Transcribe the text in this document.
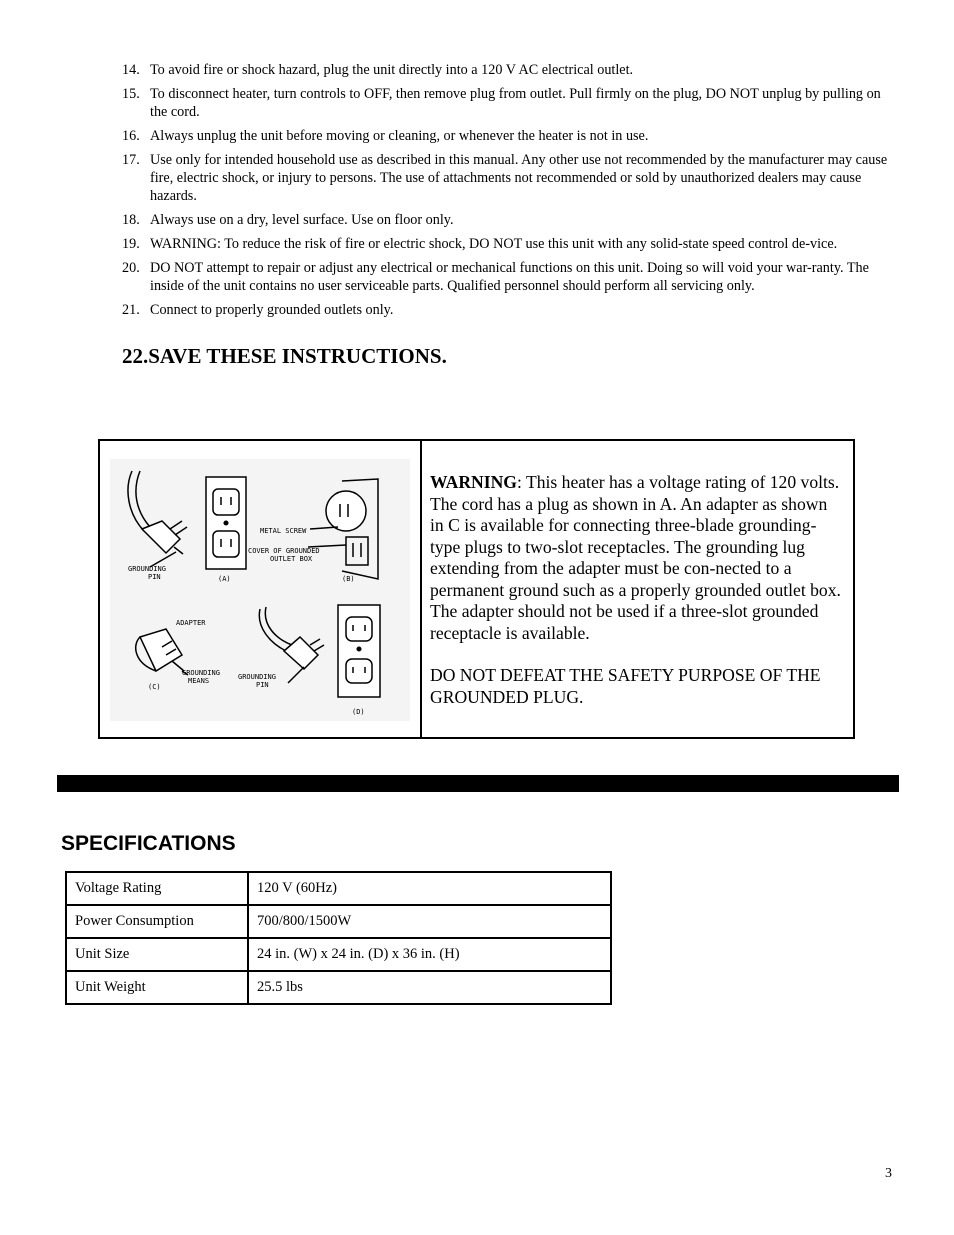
14. To avoid fire or shock hazard, plug the unit directly into a 120 V AC electrical outlet.
15. To disconnect heater, turn controls to OFF, then remove plug from outlet. Pull firmly on the plug, DO NOT unplug by pulling on the cord.
16. Always unplug the unit before moving or cleaning, or whenever the heater is not in use.
17. Use only for intended household use as described in this manual. Any other use not recommended by the manufacturer may cause fire, electric shock, or injury to persons. The use of attachments not recommended or sold by unauthorized dealers may cause hazards.
18. Always use on a dry, level surface. Use on floor only.
19. WARNING: To reduce the risk of fire or electric shock, DO NOT use this unit with any solid-state speed control de-vice.
20. DO NOT attempt to repair or adjust any electrical or mechanical functions on this unit. Doing so will void your war-ranty. The inside of the unit contains no user serviceable parts. Qualified personnel should perform all servicing only.
21. Connect to properly grounded outlets only.
22.SAVE THESE INSTRUCTIONS.
GROUNDING
PIN	(A)
METAL SCREW
COVER OF GROUNDED
OUTLET BOX
(B)
ADAPTER
(C)
GROUNDING
MEANS	GROUNDING
PIN
(D)

WARNING: This heater has a voltage rating of 120 volts. The cord has a plug as shown in A. An adapter as shown in C is available for connecting three-blade grounding-type plugs to two-slot receptacles. The grounding lug extending from the adapter must be con-nected to a permanent ground such as a properly grounded outlet box. The adapter should not be used if a three-slot grounded receptacle is available.

DO NOT DEFEAT THE SAFETY PURPOSE OF THE GROUNDED PLUG.

SPECIFICATIONS
Voltage Rating	120 V (60Hz)
Power Consumption	700/800/1500W
Unit Size	24 in. (W) x 24 in. (D) x 36 in. (H)
Unit Weight	25.5 lbs
3
